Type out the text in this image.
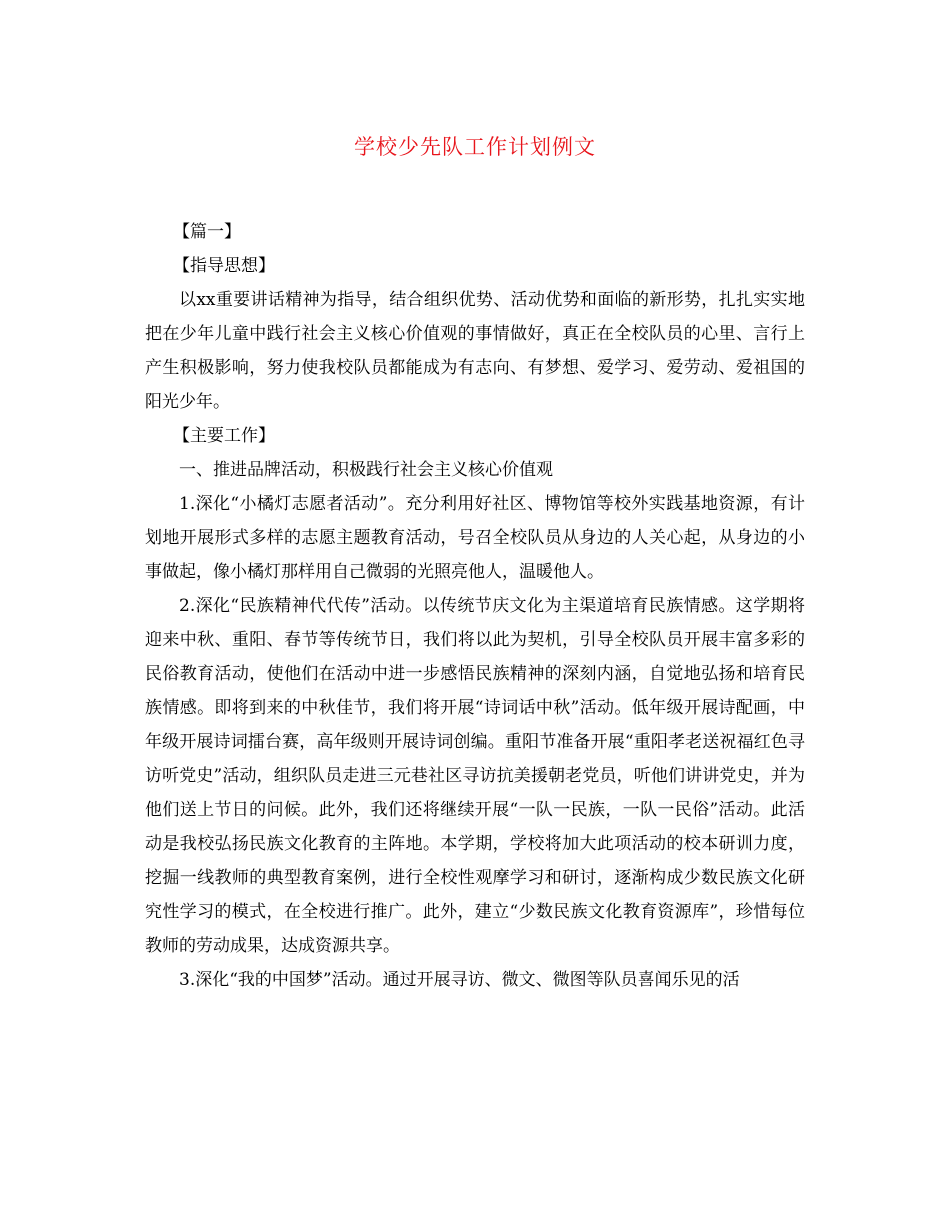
学校少先队工作计划例文

【篇一】

【指导思想】

以xx重要讲话精神为指导，结合组织优势、活动优势和面临的新形势，扎扎实实地把在少年儿童中践行社会主义核心价值观的事情做好，真正在全校队员的心里、言行上产生积极影响，努力使我校队员都能成为有志向、有梦想、爱学习、爱劳动、爱祖国的阳光少年。

【主要工作】

一、推进品牌活动，积极践行社会主义核心价值观

1.深化“小橘灯志愿者活动”。充分利用好社区、博物馆等校外实践基地资源，有计划地开展形式多样的志愿主题教育活动，号召全校队员从身边的人关心起，从身边的小事做起，像小橘灯那样用自己微弱的光照亮他人，温暖他人。

2.深化“民族精神代代传”活动。以传统节庆文化为主渠道培育民族情感。这学期将迎来中秋、重阳、春节等传统节日，我们将以此为契机，引导全校队员开展丰富多彩的民俗教育活动，使他们在活动中进一步感悟民族精神的深刻内涵，自觉地弘扬和培育民族情感。即将到来的中秋佳节，我们将开展“诗词话中秋”活动。低年级开展诗配画，中年级开展诗词擂台赛，高年级则开展诗词创编。重阳节准备开展“重阳孝老送祝福红色寻访听党史”活动，组织队员走进三元巷社区寻访抗美援朝老党员，听他们讲讲党史，并为他们送上节日的问候。此外，我们还将继续开展“一队一民族，一队一民俗”活动。此活动是我校弘扬民族文化教育的主阵地。本学期，学校将加大此项活动的校本研训力度，挖掘一线教师的典型教育案例，进行全校性观摩学习和研讨，逐渐构成少数民族文化研究性学习的模式，在全校进行推广。此外，建立“少数民族文化教育资源库”，珍惜每位教师的劳动成果，达成资源共享。

3.深化“我的中国梦”活动。通过开展寻访、微文、微图等队员喜闻乐见的活
